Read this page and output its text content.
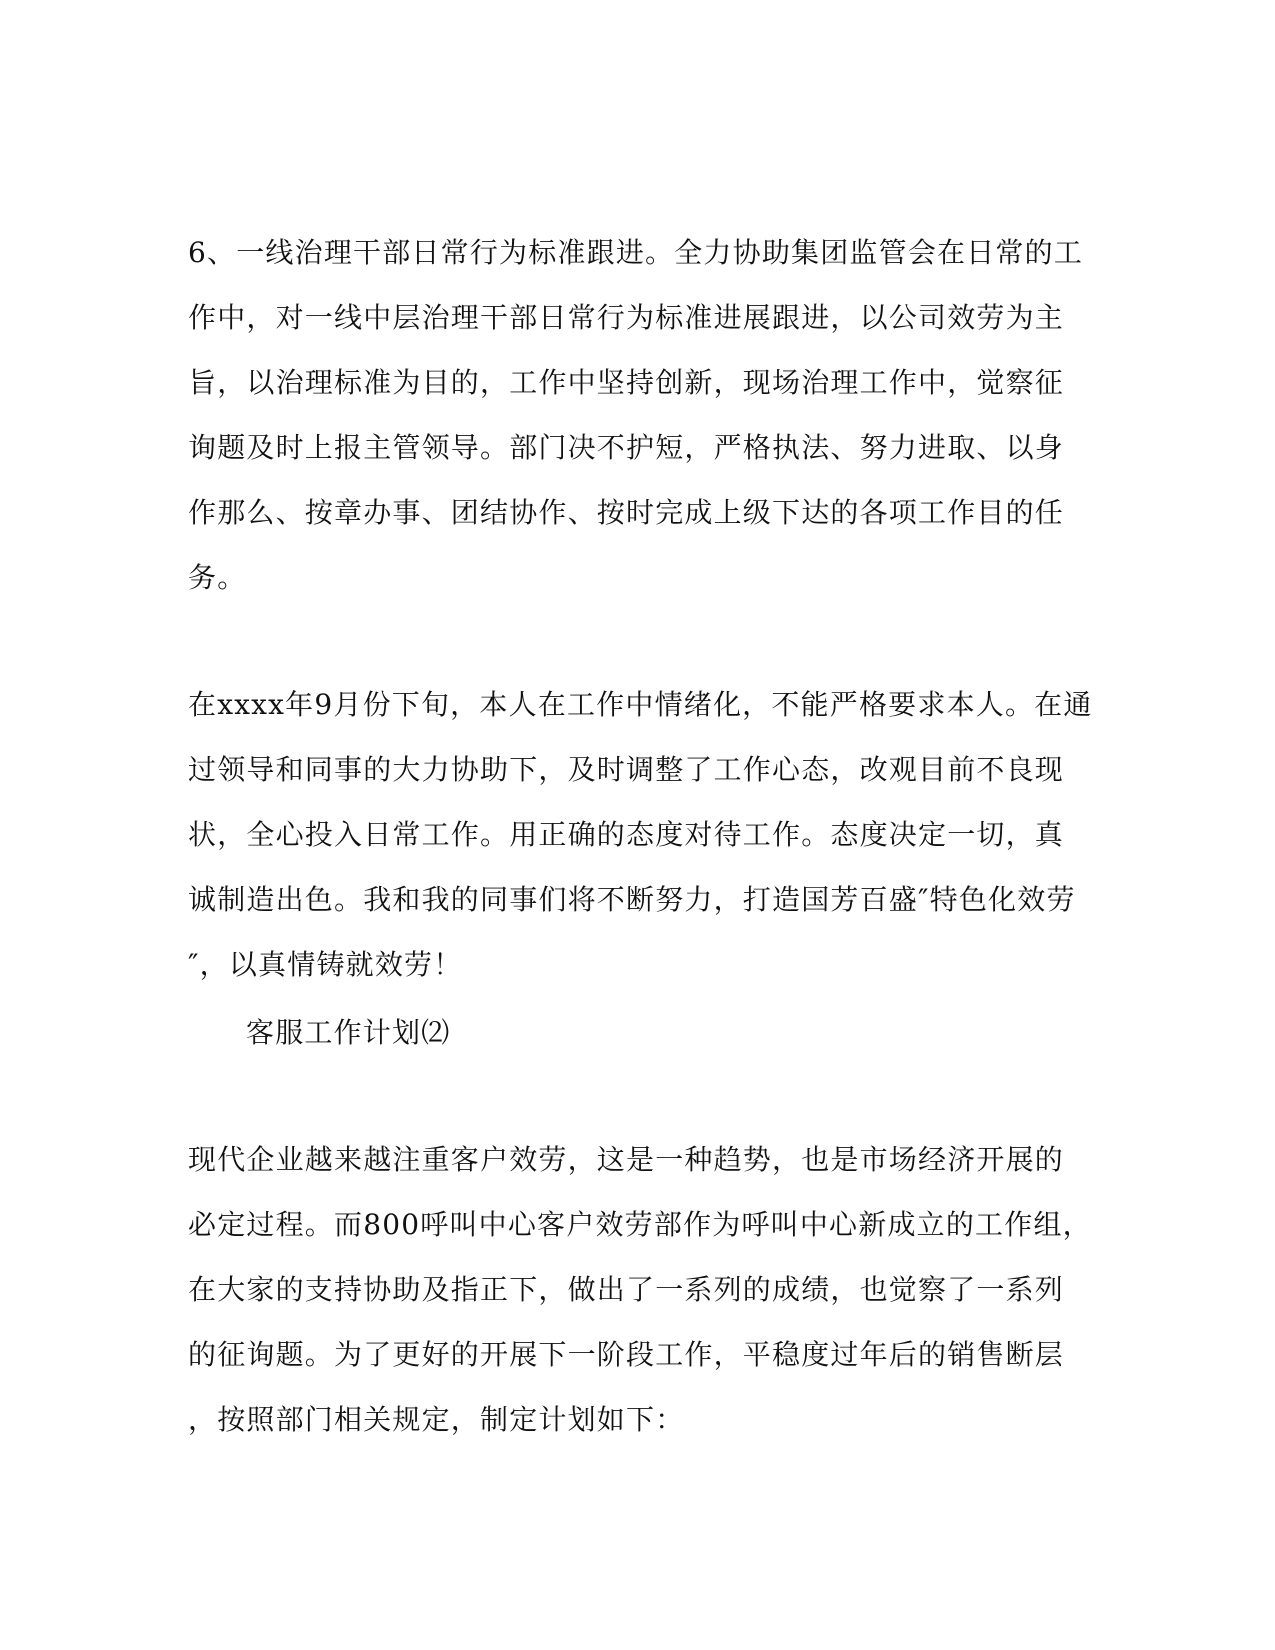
6、一线治理干部日常行为标准跟进。全力协助集团监管会在日常的工
作中，对一线中层治理干部日常行为标准进展跟进，以公司效劳为主
旨，以治理标准为目的，工作中坚持创新，现场治理工作中，觉察征
询题及时上报主管领导。部门决不护短，严格执法、努力进取、以身
作那么、按章办事、团结协作、按时完成上级下达的各项工作目的任
务。

在xxxx年9月份下旬，本人在工作中情绪化，不能严格要求本人。在通
过领导和同事的大力协助下，及时调整了工作心态，改观目前不良现
状，全心投入日常工作。用正确的态度对待工作。态度决定一切，真
诚制造出色。我和我的同事们将不断努力，打造国芳百盛″特色化效劳
″，以真情铸就效劳！

客服工作计划⑵

现代企业越来越注重客户效劳，这是一种趋势，也是市场经济开展的
必定过程。而800呼叫中心客户效劳部作为呼叫中心新成立的工作组，
在大家的支持协助及指正下，做出了一系列的成绩，也觉察了一系列
的征询题。为了更好的开展下一阶段工作，平稳度过年后的销售断层
，按照部门相关规定，制定计划如下：
